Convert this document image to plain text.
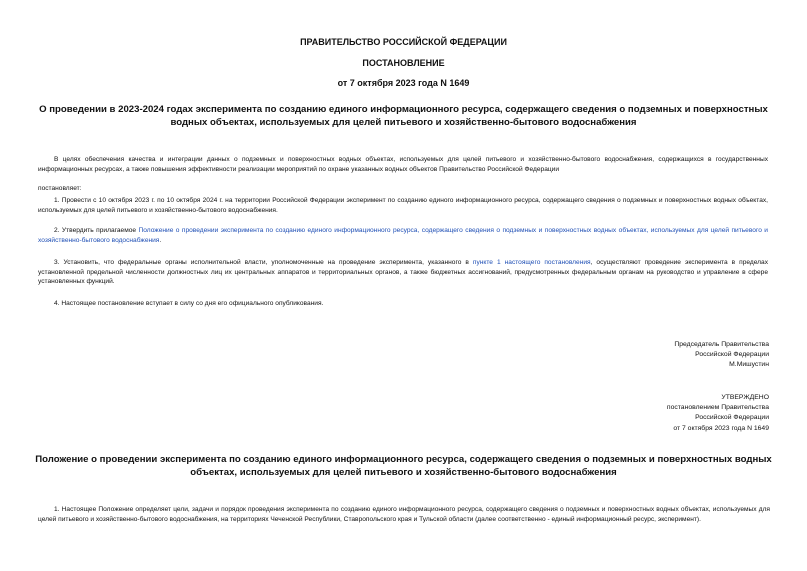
ПРАВИТЕЛЬСТВО РОССИЙСКОЙ ФЕДЕРАЦИИ
ПОСТАНОВЛЕНИЕ
от 7 октября 2023 года N 1649
О проведении в 2023-2024 годах эксперимента по созданию единого информационного ресурса, содержащего сведения о подземных и поверхностных водных объектах, используемых для целей питьевого и хозяйственно-бытового водоснабжения
В целях обеспечения качества и интеграции данных о подземных и поверхностных водных объектах, используемых для целей питьевого и хозяйственно-бытового водоснабжения, содержащихся в государственных информационных ресурсах, а также повышения эффективности реализации мероприятий по охране указанных водных объектов Правительство Российской Федерации
постановляет:
1. Провести с 10 октября 2023 г. по 10 октября 2024 г. на территории Российской Федерации эксперимент по созданию единого информационного ресурса, содержащего сведения о подземных и поверхностных водных объектах, используемых для целей питьевого и хозяйственно-бытового водоснабжения.
2. Утвердить прилагаемое Положение о проведении эксперимента по созданию единого информационного ресурса, содержащего сведения о подземных и поверхностных водных объектах, используемых для целей питьевого и хозяйственно-бытового водоснабжения.
3. Установить, что федеральные органы исполнительной власти, уполномоченные на проведение эксперимента, указанного в пункте 1 настоящего постановления, осуществляют проведение эксперимента в пределах установленной предельной численности должностных лиц их центральных аппаратов и территориальных органов, а также бюджетных ассигнований, предусмотренных федеральным органам на руководство и управление в сфере установленных функций.
4. Настоящее постановление вступает в силу со дня его официального опубликования.
Председатель Правительства
Российской Федерации
М.Мишустин
УТВЕРЖДЕНО
постановлением Правительства
Российской Федерации
от 7 октября 2023 года N 1649
Положение о проведении эксперимента по созданию единого информационного ресурса, содержащего сведения о подземных и поверхностных водных объектах, используемых для целей питьевого и хозяйственно-бытового водоснабжения
1. Настоящее Положение определяет цели, задачи и порядок проведения эксперимента по созданию единого информационного ресурса, содержащего сведения о подземных и поверхностных водных объектах, используемых для целей питьевого и хозяйственно-бытового водоснабжения, на территориях Чеченской Республики, Ставропольского края и Тульской области (далее соответственно - единый информационный ресурс, эксперимент).
